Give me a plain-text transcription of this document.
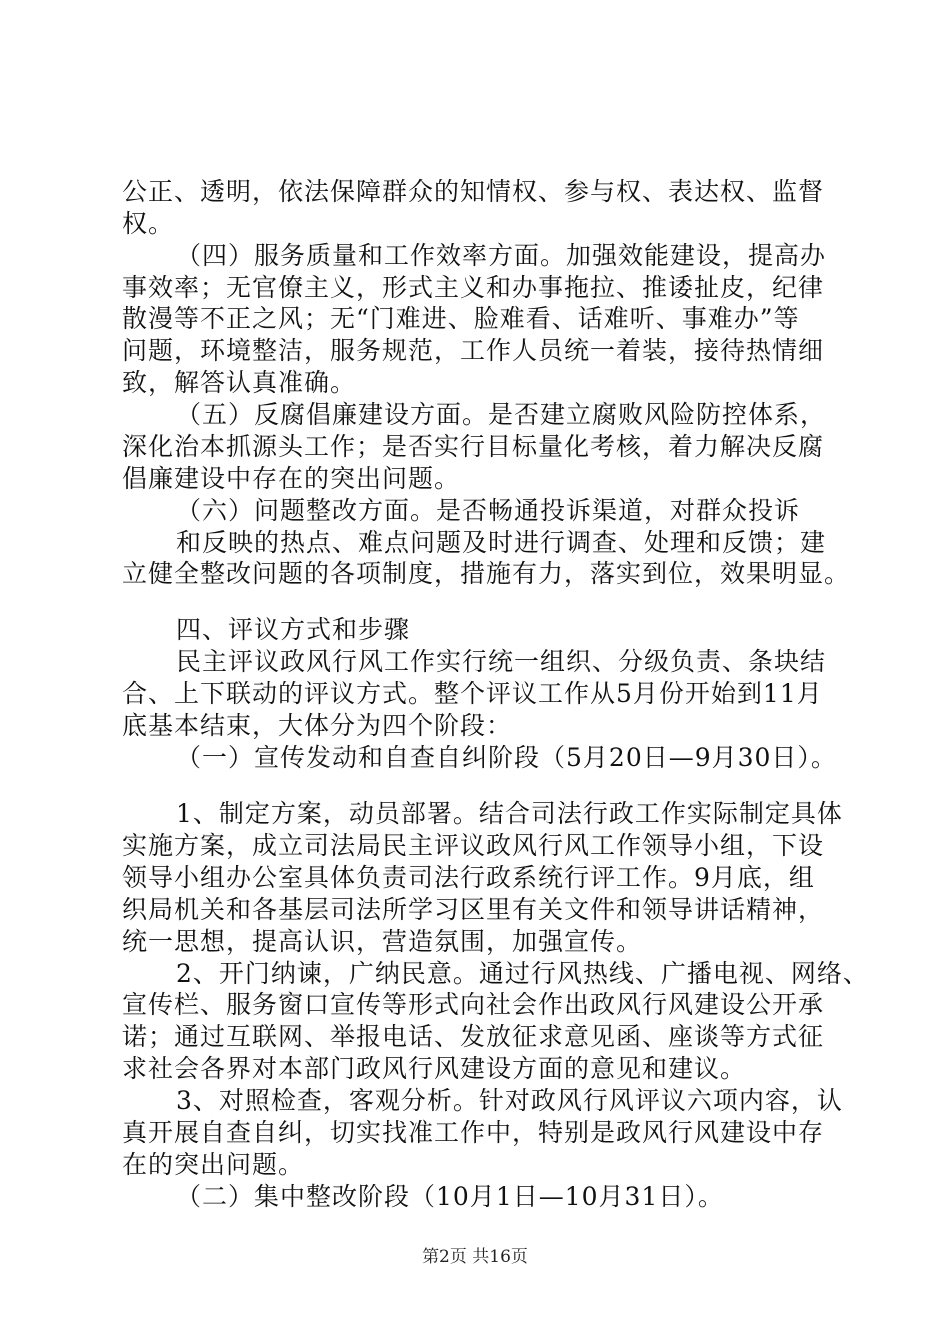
公正、透明，依法保障群众的知情权、参与权、表达权、监督
权。
（四）服务质量和工作效率方面。加强效能建设，提高办
事效率；无官僚主义，形式主义和办事拖拉、推诿扯皮，纪律
散漫等不正之风；无“门难进、脸难看、话难听、事难办”等
问题，环境整洁，服务规范，工作人员统一着装，接待热情细
致，解答认真准确。
（五）反腐倡廉建设方面。是否建立腐败风险防控体系，
深化治本抓源头工作；是否实行目标量化考核，着力解决反腐
倡廉建设中存在的突出问题。
（六）问题整改方面。是否畅通投诉渠道，对群众投诉
和反映的热点、难点问题及时进行调查、处理和反馈；建
立健全整改问题的各项制度，措施有力，落实到位，效果明显。
四、评议方式和步骤
民主评议政风行风工作实行统一组织、分级负责、条块结
合、上下联动的评议方式。整个评议工作从5月份开始到11月
底基本结束，大体分为四个阶段：
（一）宣传发动和自查自纠阶段（5月20日—9月30日）。
1、制定方案，动员部署。结合司法行政工作实际制定具体
实施方案，成立司法局民主评议政风行风工作领导小组，下设
领导小组办公室具体负责司法行政系统行评工作。9月底，组
织局机关和各基层司法所学习区里有关文件和领导讲话精神，
统一思想，提高认识，营造氛围，加强宣传。
2、开门纳谏，广纳民意。通过行风热线、广播电视、网络、
宣传栏、服务窗口宣传等形式向社会作出政风行风建设公开承
诺；通过互联网、举报电话、发放征求意见函、座谈等方式征
求社会各界对本部门政风行风建设方面的意见和建议。
3、对照检查，客观分析。针对政风行风评议六项内容，认
真开展自查自纠，切实找准工作中，特别是政风行风建设中存
在的突出问题。
（二）集中整改阶段（10月1日—10月31日）。
第2页 共16页
